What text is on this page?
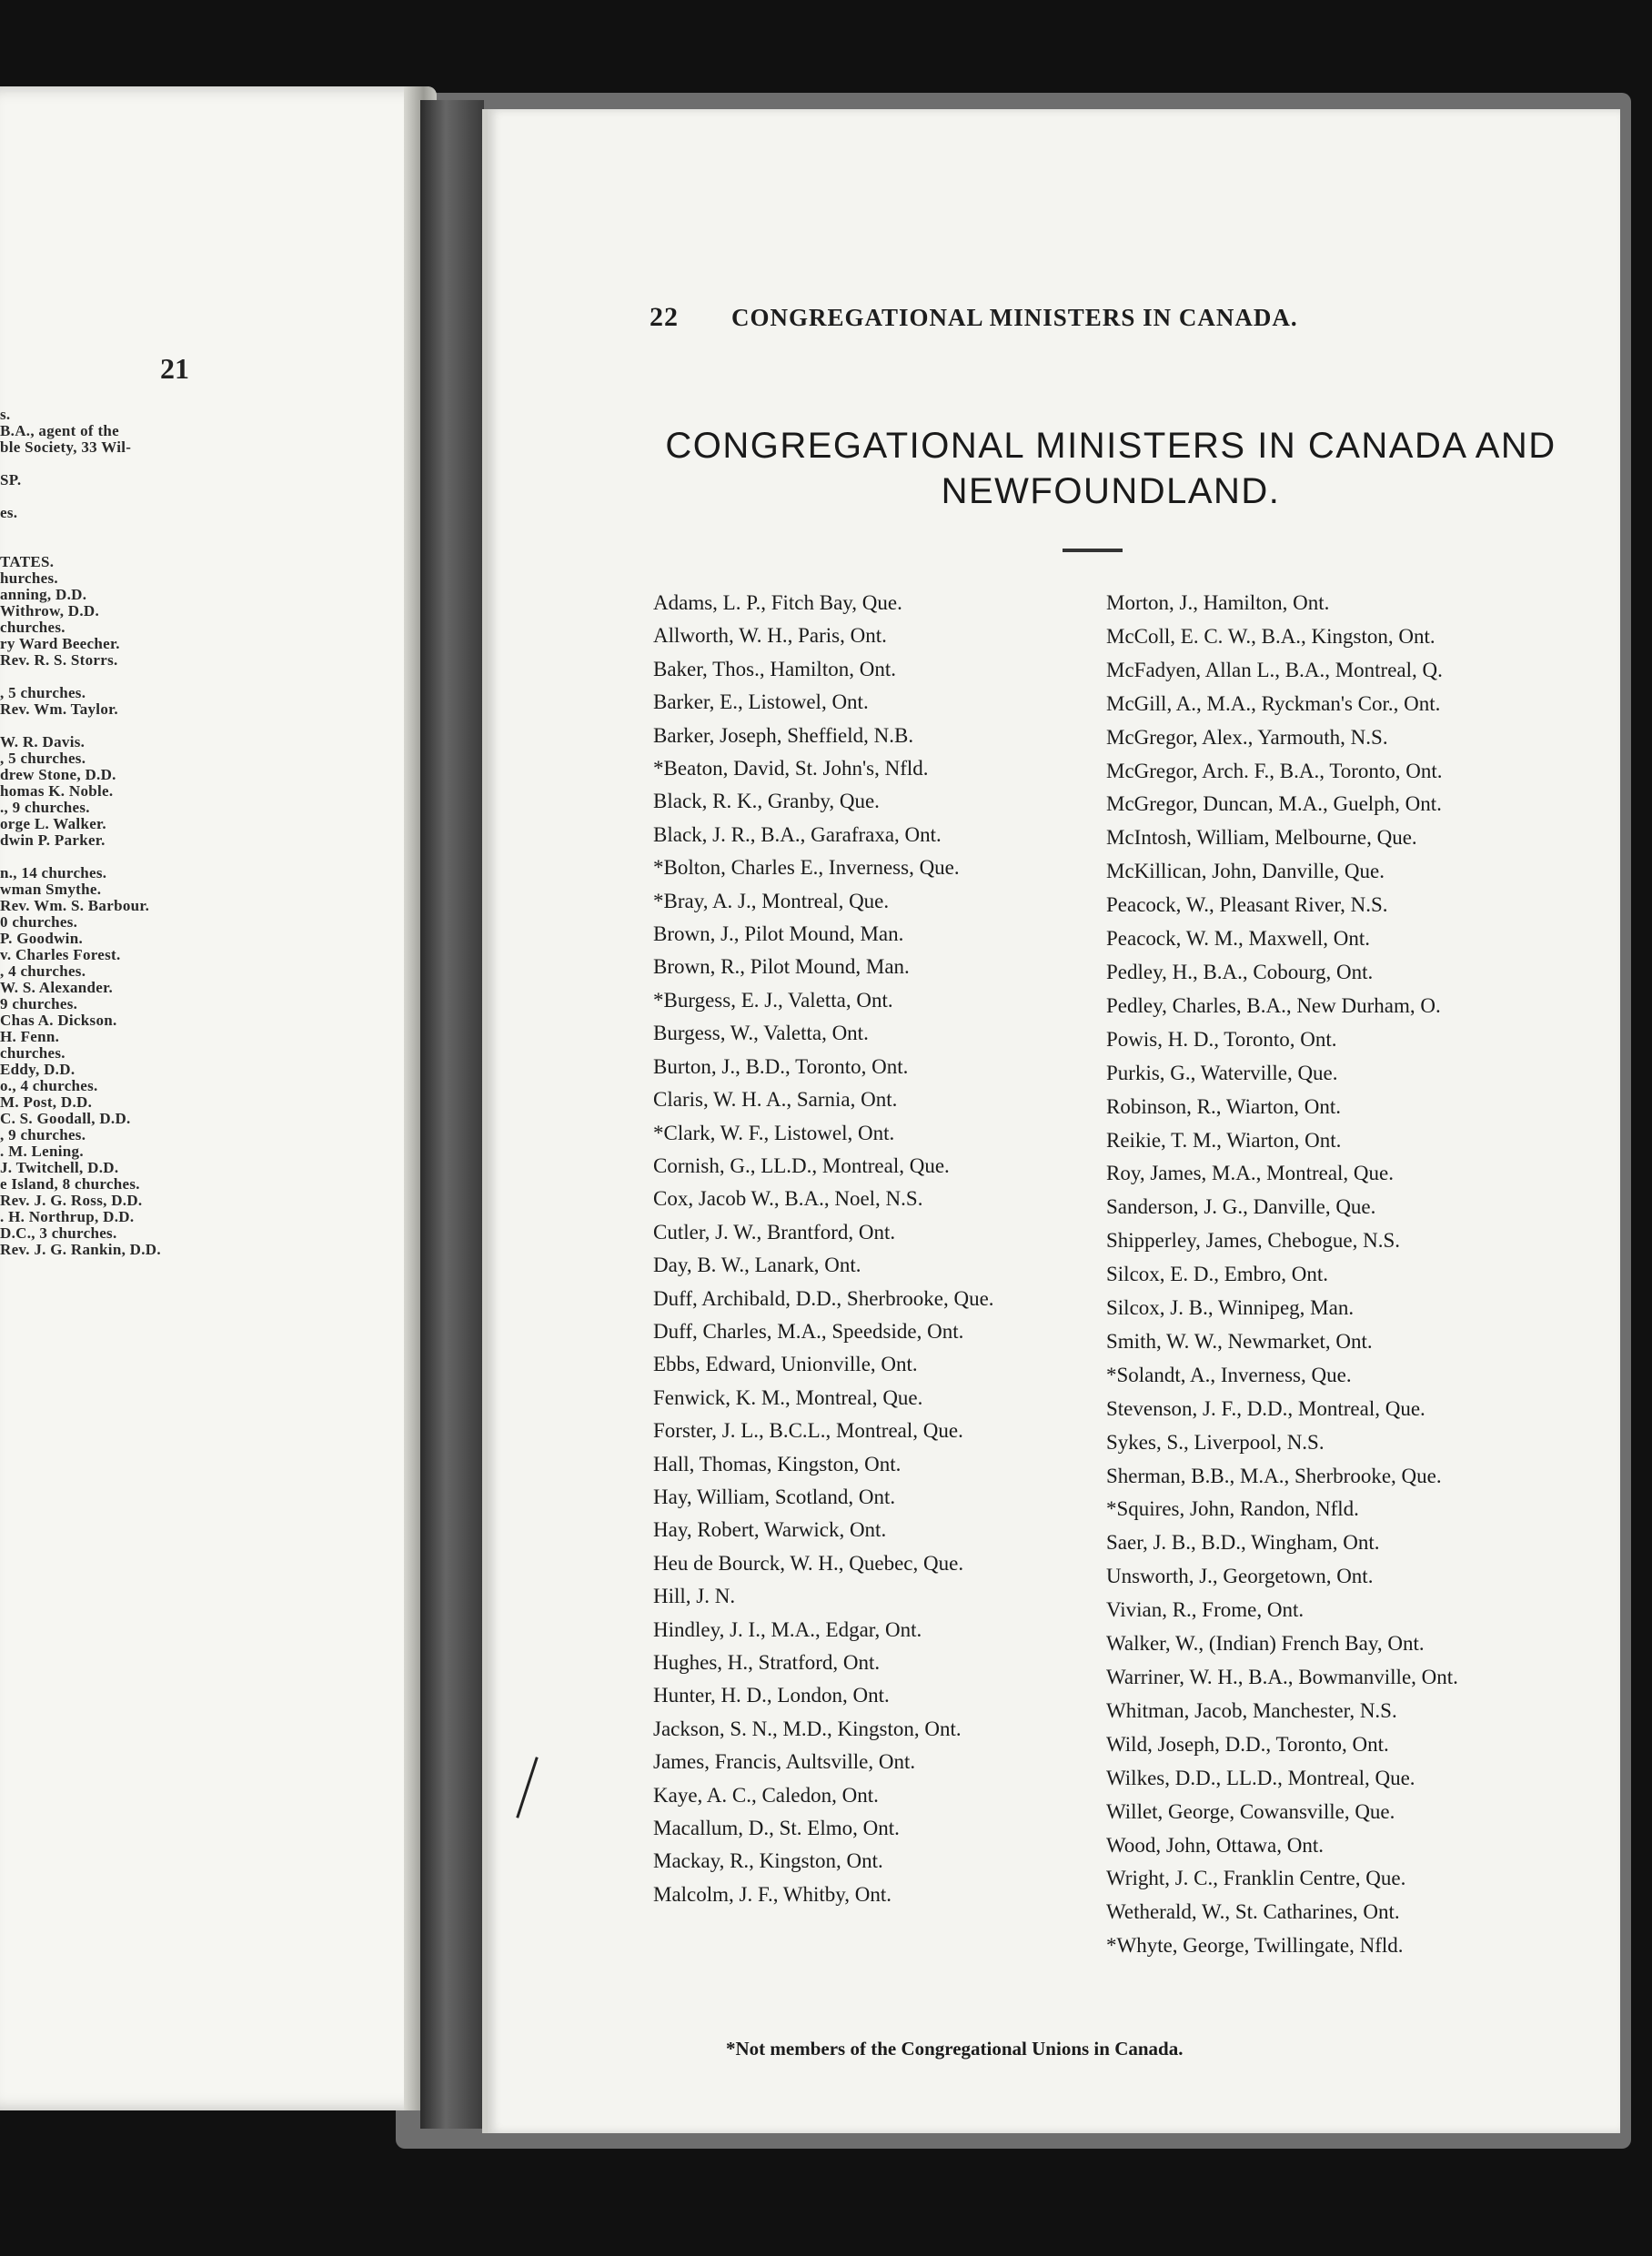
21
s.
B.A., agent of the
ble Society, 33 Wil-

SP.

es.

TATES.
hurches.
anning, D.D.
Withrow, D.D.
churches.
ry Ward Beecher.
Rev. R. S. Storrs.

, 5 churches.
Rev. Wm. Taylor.

W. R. Davis.
, 5 churches.
drew Stone, D.D.
homas K. Noble.
., 9 churches.
orge L. Walker.
dwin P. Parker.

n., 14 churches.
wman Smythe.
Rev. Wm. S. Barbour.
0 churches.
P. Goodwin.
v. Charles Forest.
, 4 churches.
W. S. Alexander.
9 churches.
Chas A. Dickson.
H. Fenn.
churches.
Eddy, D.D.
o., 4 churches.
M. Post, D.D.
C. S. Goodall, D.D.
, 9 churches.
. M. Lening.
J. Twitchell, D.D.
e Island, 8 churches.
Rev. J. G. Ross, D.D.
. H. Northrup, D.D.
D.C., 3 churches.
Rev. J. G. Rankin, D.D.
22 CONGREGATIONAL MINISTERS IN CANADA.
CONGREGATIONAL MINISTERS IN CANADA AND
NEWFOUNDLAND.
Adams, L. P., Fitch Bay, Que.
Allworth, W. H., Paris, Ont.
Baker, Thos., Hamilton, Ont.
Barker, E., Listowel, Ont.
Barker, Joseph, Sheffield, N.B.
*Beaton, David, St. John's, Nfld.
Black, R. K., Granby, Que.
Black, J. R., B.A., Garafraxa, Ont.
*Bolton, Charles E., Inverness, Que.
*Bray, A. J., Montreal, Que.
Brown, J., Pilot Mound, Man.
Brown, R., Pilot Mound, Man.
*Burgess, E. J., Valetta, Ont.
Burgess, W., Valetta, Ont.
Burton, J., B.D., Toronto, Ont.
Claris, W. H. A., Sarnia, Ont.
*Clark, W. F., Listowel, Ont.
Cornish, G., LL.D., Montreal, Que.
Cox, Jacob W., B.A., Noel, N.S.
Cutler, J. W., Brantford, Ont.
Day, B. W., Lanark, Ont.
Duff, Archibald, D.D., Sherbrooke, Que.
Duff, Charles, M.A., Speedside, Ont.
Ebbs, Edward, Unionville, Ont.
Fenwick, K. M., Montreal, Que.
Forster, J. L., B.C.L., Montreal, Que.
Hall, Thomas, Kingston, Ont.
Hay, William, Scotland, Ont.
Hay, Robert, Warwick, Ont.
Heu de Bourck, W. H., Quebec, Que.
Hill, J. N.
Hindley, J. I., M.A., Edgar, Ont.
Hughes, H., Stratford, Ont.
Hunter, H. D., London, Ont.
Jackson, S. N., M.D., Kingston, Ont.
James, Francis, Aultsville, Ont.
Kaye, A. C., Caledon, Ont.
Macallum, D., St. Elmo, Ont.
Mackay, R., Kingston, Ont.
Malcolm, J. F., Whitby, Ont.
Morton, J., Hamilton, Ont.
McColl, E. C. W., B.A., Kingston, Ont.
McFadyen, Allan L., B.A., Montreal, Q.
McGill, A., M.A., Ryckman's Cor., Ont.
McGregor, Alex., Yarmouth, N.S.
McGregor, Arch. F., B.A., Toronto, Ont.
McGregor, Duncan, M.A., Guelph, Ont.
McIntosh, William, Melbourne, Que.
McKillican, John, Danville, Que.
Peacock, W., Pleasant River, N.S.
Peacock, W. M., Maxwell, Ont.
Pedley, H., B.A., Cobourg, Ont.
Pedley, Charles, B.A., New Durham, O.
Powis, H. D., Toronto, Ont.
Purkis, G., Waterville, Que.
Robinson, R., Wiarton, Ont.
Reikie, T. M., Wiarton, Ont.
Roy, James, M.A., Montreal, Que.
Sanderson, J. G., Danville, Que.
Shipperley, James, Chebogue, N.S.
Silcox, E. D., Embro, Ont.
Silcox, J. B., Winnipeg, Man.
Smith, W. W., Newmarket, Ont.
*Solandt, A., Inverness, Que.
Stevenson, J. F., D.D., Montreal, Que.
Sykes, S., Liverpool, N.S.
Sherman, B.B., M.A., Sherbrooke, Que.
*Squires, John, Randon, Nfld.
Saer, J. B., B.D., Wingham, Ont.
Unsworth, J., Georgetown, Ont.
Vivian, R., Frome, Ont.
Walker, W., (Indian) French Bay, Ont.
Warriner, W. H., B.A., Bowmanville, Ont.
Whitman, Jacob, Manchester, N.S.
Wild, Joseph, D.D., Toronto, Ont.
Wilkes, D.D., LL.D., Montreal, Que.
Willet, George, Cowansville, Que.
Wood, John, Ottawa, Ont.
Wright, J. C., Franklin Centre, Que.
Wetherald, W., St. Catharines, Ont.
*Whyte, George, Twillingate, Nfld.
*Not members of the Congregational Unions in Canada.
